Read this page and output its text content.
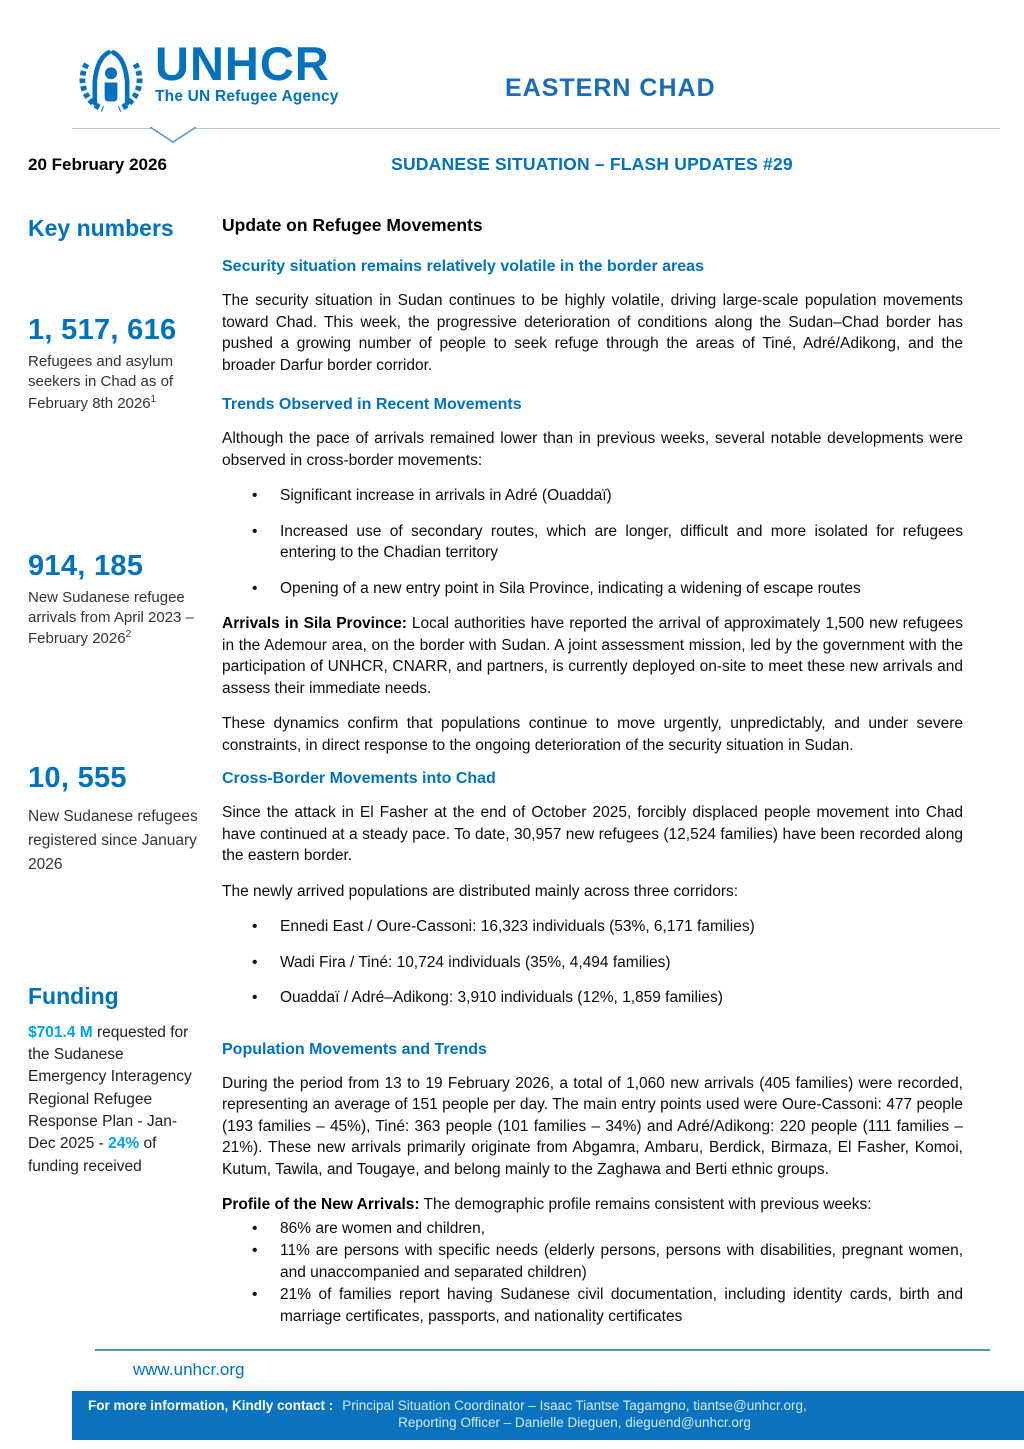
UNHCR
The UN Refugee Agency	EASTERN CHAD
20 February 2026	SUDANESE SITUATION – FLASH UPDATES #29
Key numbers
1, 517, 616
Refugees and asylum seekers in Chad as of February 8th 2026$^1$
914, 185
New Sudanese refugee arrivals from April 2023 – February 2026$^2$
10, 555
New Sudanese refugees registered since January 2026
Funding
$701.4 M requested for the Sudanese Emergency Interagency Regional Refugee Response Plan - Jan- Dec 2025 - 24% of funding received
Update on Refugee Movements
Security situation remains relatively volatile in the border areas

The security situation in Sudan continues to be highly volatile, driving large-scale population movements toward Chad. This week, the progressive deterioration of conditions along the Sudan–Chad border has pushed a growing number of people to seek refuge through the areas of Tiné, Adré/Adikong, and the broader Darfur border corridor.

Trends Observed in Recent Movements

Although the pace of arrivals remained lower than in previous weeks, several notable developments were observed in cross-border movements:

• Significant increase in arrivals in Adré (Ouaddaï)
• Increased use of secondary routes, which are longer, difficult and more isolated for refugees entering to the Chadian territory
• Opening of a new entry point in Sila Province, indicating a widening of escape routes

Arrivals in Sila Province: Local authorities have reported the arrival of approximately 1,500 new refugees in the Ademour area, on the border with Sudan. A joint assessment mission, led by the government with the participation of UNHCR, CNARR, and partners, is currently deployed on-site to meet these new arrivals and assess their immediate needs.

These dynamics confirm that populations continue to move urgently, unpredictably, and under severe constraints, in direct response to the ongoing deterioration of the security situation in Sudan.

Cross-Border Movements into Chad

Since the attack in El Fasher at the end of October 2025, forcibly displaced people movement into Chad have continued at a steady pace. To date, 30,957 new refugees (12,524 families) have been recorded along the eastern border.

The newly arrived populations are distributed mainly across three corridors:

• Ennedi East / Oure-Cassoni: 16,323 individuals (53%, 6,171 families)
• Wadi Fira / Tiné: 10,724 individuals (35%, 4,494 families)
• Ouaddaï / Adré–Adikong: 3,910 individuals (12%, 1,859 families)
Population Movements and Trends

During the period from 13 to 19 February 2026, a total of 1,060 new arrivals (405 families) were recorded, representing an average of 151 people per day. The main entry points used were Oure-Cassoni: 477 people (193 families – 45%), Tiné: 363 people (101 families – 34%) and Adré/Adikong: 220 people (111 families – 21%). These new arrivals primarily originate from Abgamra, Ambaru, Berdick, Birmaza, El Fasher, Komoi, Kutum, Tawila, and Tougaye, and belong mainly to the Zaghawa and Berti ethnic groups.

Profile of the New Arrivals: The demographic profile remains consistent with previous weeks:

• 86% are women and children,
• 11% are persons with specific needs (elderly persons, persons with disabilities, pregnant women, and unaccompanied and separated children)
• 21% of families report having Sudanese civil documentation, including identity cards, birth and marriage certificates, passports, and nationality certificates
www.unhcr.org
For more information, Kindly contact : Principal Situation Coordinator – Isaac Tiantse Tagamgno, tiantse@unhcr.org,
Reporting Officer – Danielle Dieguen, dieguend@unhcr.org
